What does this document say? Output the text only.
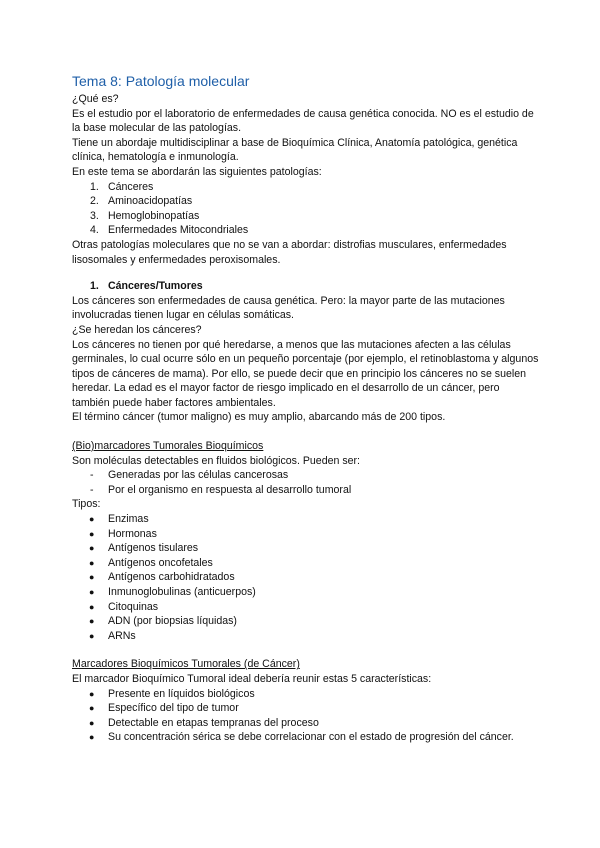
Tema 8: Patología molecular

¿Qué es?

Es el estudio por el laboratorio de enfermedades de causa genética conocida. NO es el estudio de la base molecular de las patologías.

Tiene un abordaje multidisciplinar a base de Bioquímica Clínica, Anatomía patológica, genética clínica, hematología e inmunología.

En este tema se abordarán las siguientes patologías:

1. Cánceres
2. Aminoacidopatías
3. Hemoglobinopatías
4. Enfermedades Mitocondriales

Otras patologías moleculares que no se van a abordar: distrofias musculares, enfermedades lisosomales y enfermedades peroxisomales.

1. Cánceres/Tumores

Los cánceres son enfermedades de causa genética. Pero: la mayor parte de las mutaciones involucradas tienen lugar en células somáticas.

¿Se heredan los cánceres?

Los cánceres no tienen por qué heredarse, a menos que las mutaciones afecten a las células germinales, lo cual ocurre sólo en un pequeño porcentaje (por ejemplo, el retinoblastoma y algunos tipos de cánceres de mama). Por ello, se puede decir que en principio los cánceres no se suelen heredar. La edad es el mayor factor de riesgo implicado en el desarrollo de un cáncer, pero también puede haber factores ambientales.

El término cáncer (tumor maligno) es muy amplio, abarcando más de 200 tipos.

(Bio)marcadores Tumorales Bioquímicos

Son moléculas detectables en fluidos biológicos. Pueden ser:

- Generadas por las células cancerosas
- Por el organismo en respuesta al desarrollo tumoral

Tipos:

● Enzimas
● Hormonas
● Antígenos tisulares
● Antígenos oncofetales
● Antígenos carbohidratados
● Inmunoglobulinas (anticuerpos)
● Citoquinas
● ADN (por biopsias líquidas)
● ARNs

Marcadores Bioquímicos Tumorales (de Cáncer)

El marcador Bioquímico Tumoral ideal debería reunir estas 5 características:

● Presente en líquidos biológicos
● Específico del tipo de tumor
● Detectable en etapas tempranas del proceso
● Su concentración sérica se debe correlacionar con el estado de progresión del cáncer.
